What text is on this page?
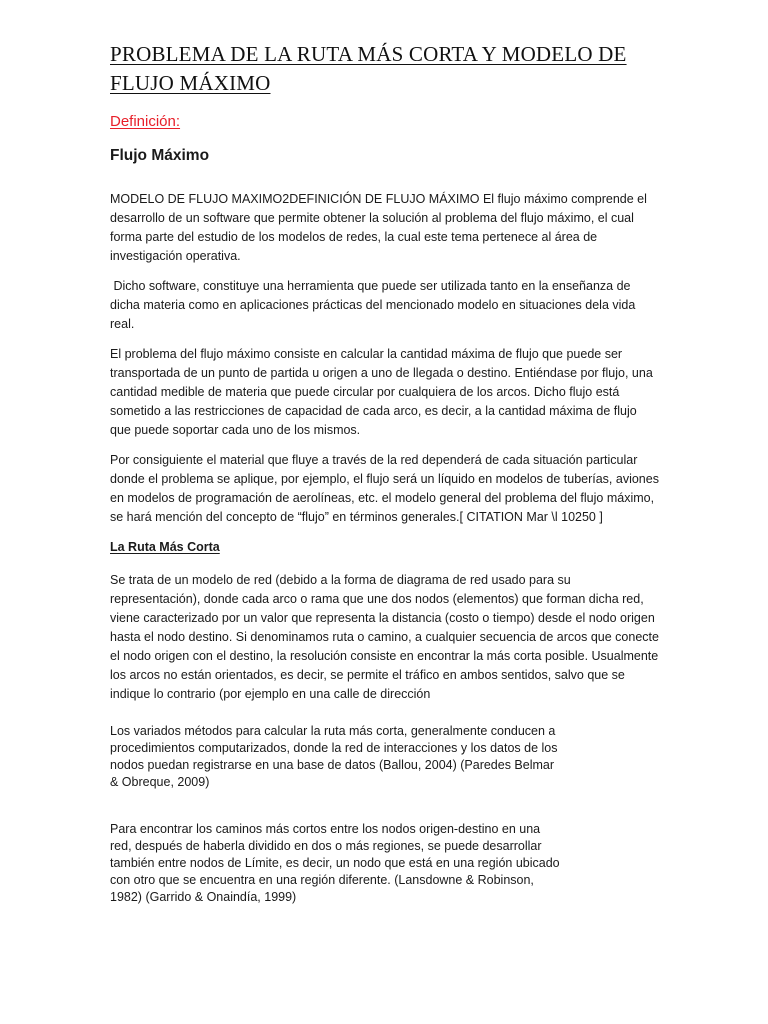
PROBLEMA DE LA RUTA MÁS CORTA Y MODELO DE FLUJO MÁXIMO
Definición:
Flujo Máximo

MODELO DE FLUJO MAXIMO2DEFINICIÓN DE FLUJO MÁXIMO El flujo máximo comprende el desarrollo de un software que permite obtener la solución al problema del flujo máximo, el cual forma parte del estudio de los modelos de redes, la cual este tema pertenece al área de investigación operativa.

Dicho software, constituye una herramienta que puede ser utilizada tanto en la enseñanza de dicha materia como en aplicaciones prácticas del mencionado modelo en situaciones dela vida real.

El problema del flujo máximo consiste en calcular la cantidad máxima de flujo que puede ser transportada de un punto de partida u origen a uno de llegada o destino. Entiéndase por flujo, una cantidad medible de materia que puede circular por cualquiera de los arcos. Dicho flujo está sometido a las restricciones de capacidad de cada arco, es decir, a la cantidad máxima de flujo que puede soportar cada uno de los mismos.

Por consiguiente el material que fluye a través de la red dependerá de cada situación particular donde el problema se aplique, por ejemplo, el flujo será un líquido en modelos de tuberías, aviones en modelos de programación de aerolíneas, etc. el modelo general del problema del flujo máximo, se hará mención del concepto de “flujo” en términos generales.[ CITATION Mar \l 10250 ]

La Ruta Más Corta

Se trata de un modelo de red (debido a la forma de diagrama de red usado para su representación), donde cada arco o rama que une dos nodos (elementos) que forman dicha red, viene caracterizado por un valor que representa la distancia (costo o tiempo) desde el nodo origen hasta el nodo destino. Si denominamos ruta o camino, a cualquier secuencia de arcos que conecte el nodo origen con el destino, la resolución consiste en encontrar la más corta posible. Usualmente los arcos no están orientados, es decir, se permite el tráfico en ambos sentidos, salvo que se indique lo contrario (por ejemplo en una calle de dirección

Los variados métodos para calcular la ruta más corta, generalmente conducen a procedimientos computarizados, donde la red de interacciones y los datos de los nodos puedan registrarse en una base de datos (Ballou, 2004) (Paredes Belmar & Obreque, 2009)

Para encontrar los caminos más cortos entre los nodos origen-destino en una red, después de haberla dividido en dos o más regiones, se puede desarrollar también entre nodos de Límite, es decir, un nodo que está en una región ubicado con otro que se encuentra en una región diferente. (Lansdowne & Robinson, 1982) (Garrido & Onaindía, 1999)
